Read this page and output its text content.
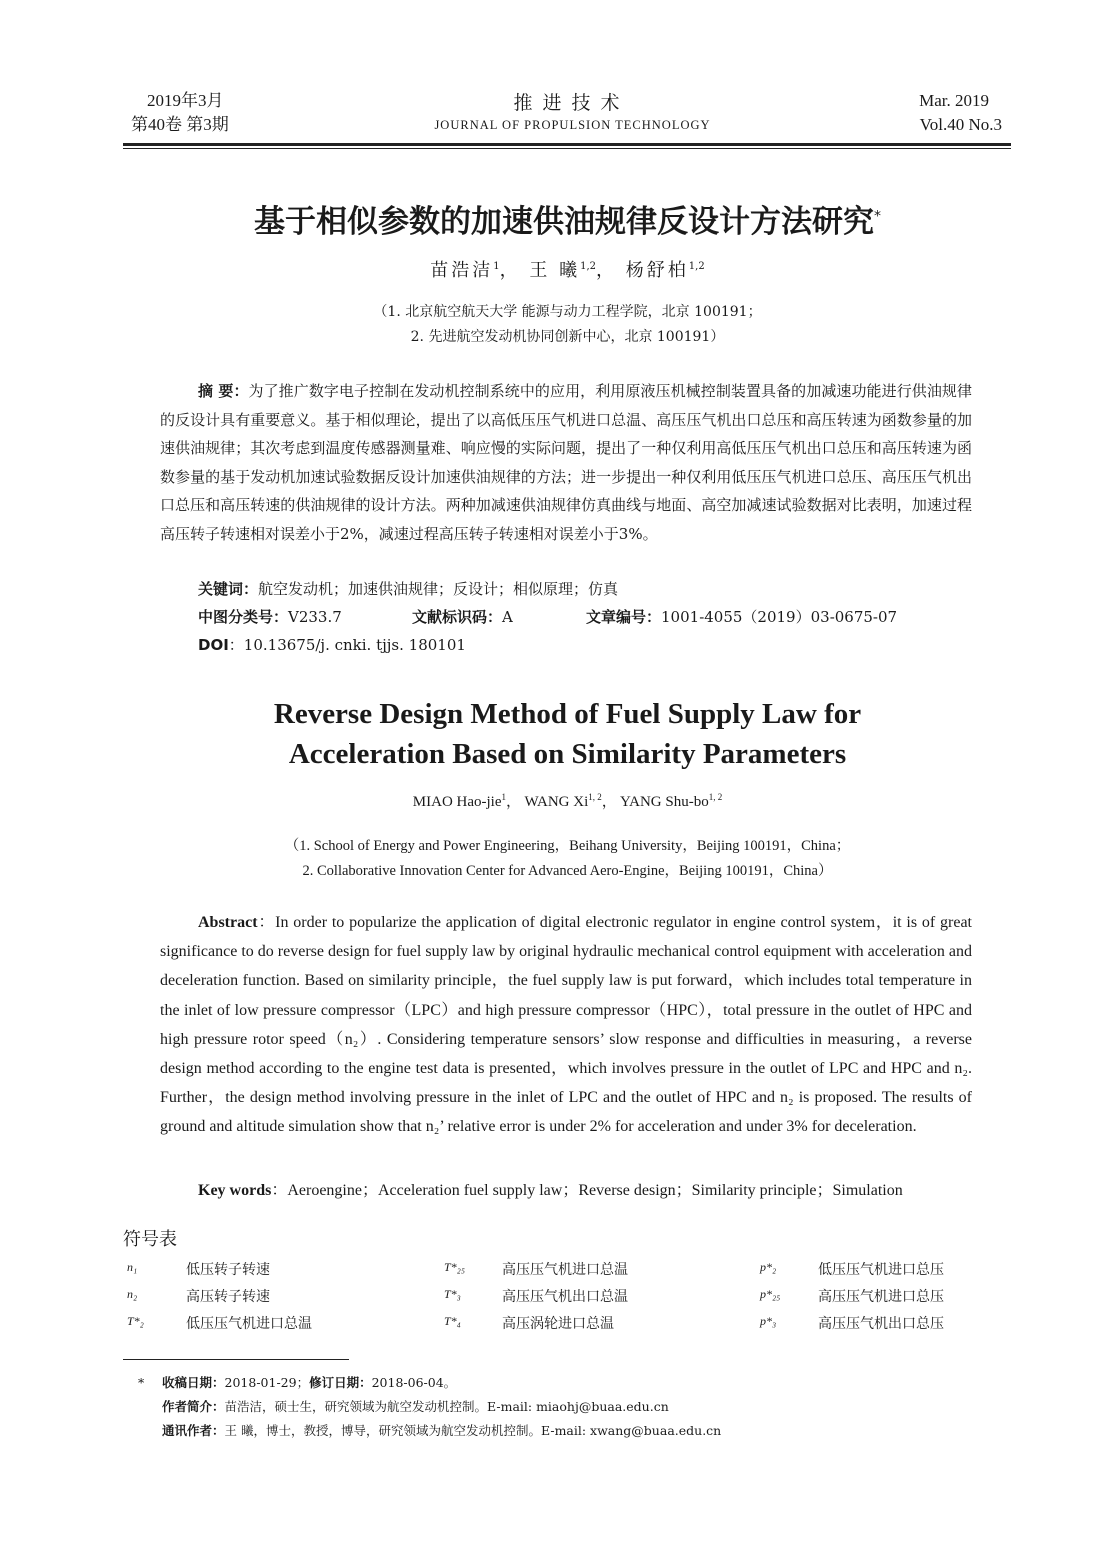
2019年3月
第40卷 第3期
推 进 技 术
JOURNAL OF PROPULSION TECHNOLOGY
Mar. 2019
Vol.40 No.3
基于相似参数的加速供油规律反设计方法研究*
苗浩洁$^1$， 王 曦$^{1,2}$， 杨舒柏$^{1,2}$
（1. 北京航空航天大学 能源与动力工程学院，北京 100191；
2. 先进航空发动机协同创新中心，北京 100191）
摘 要：为了推广数字电子控制在发动机控制系统中的应用，利用原液压机械控制装置具备的加减速功能进行供油规律的反设计具有重要意义。基于相似理论，提出了以高低压压气机进口总温、高压压气机出口总压和高压转速为函数参量的加速供油规律；其次考虑到温度传感器测量难、响应慢的实际问题，提出了一种仅利用高低压压气机出口总压和高压转速为函数参量的基于发动机加速试验数据反设计加速供油规律的方法；进一步提出一种仅利用低压压气机进口总压、高压压气机出口总压和高压转速的供油规律的设计方法。两种加减速供油规律仿真曲线与地面、高空加减速试验数据对比表明，加速过程高压转子转速相对误差小于2%，减速过程高压转子转速相对误差小于3%。
关键词：航空发动机；加速供油规律；反设计；相似原理；仿真
中图分类号：V233.7	文献标识码：A	文章编号：1001-4055（2019）03-0675-07
DOI：10.13675/j. cnki. tjjs. 180101
Reverse Design Method of Fuel Supply Law for
Acceleration Based on Similarity Parameters
MIAO Hao-jie$^1$， WANG Xi$^{1, 2}$， YANG Shu-bo$^{1, 2}$
（1. School of Energy and Power Engineering，Beihang University，Beijing 100191，China；
2. Collaborative Innovation Center for Advanced Aero-Engine，Beijing 100191，China）
Abstract：In order to popularize the application of digital electronic regulator in engine control system，it is of great significance to do reverse design for fuel supply law by original hydraulic mechanical control equipment with acceleration and deceleration function. Based on similarity principle，the fuel supply law is put forward，which includes total temperature in the inlet of low pressure compressor（LPC）and high pressure compressor（HPC），total pressure in the outlet of HPC and high pressure rotor speed（n₂）. Considering temperature sensors’ slow response and difficulties in measuring，a reverse design method according to the engine test data is presented，which involves pressure in the outlet of LPC and HPC and n₂. Further，the design method involving pressure in the inlet of LPC and the outlet of HPC and n₂ is proposed. The results of ground and altitude simulation show that n₂’ relative error is under 2% for acceleration and under 3% for deceleration.
Key words：Aeroengine；Acceleration fuel supply law；Reverse design；Similarity principle；Simulation
符号表
n₁	低压转子转速	T*₂₅	高压压气机进口总温	p*₂	低压压气机进口总压
n₂	高压转子转速	T*₃	高压压气机出口总温	p*₂₅	高压压气机进口总压
T*₂	低压压气机进口总温	T*₄	高压涡轮进口总温	p*₃	高压压气机出口总压
* 收稿日期：2018-01-29；修订日期：2018-06-04。
作者简介：苗浩洁，硕士生，研究领域为航空发动机控制。E-mail: miaohj@buaa.edu.cn
通讯作者：王 曦，博士，教授，博导，研究领域为航空发动机控制。E-mail: xwang@buaa.edu.cn
